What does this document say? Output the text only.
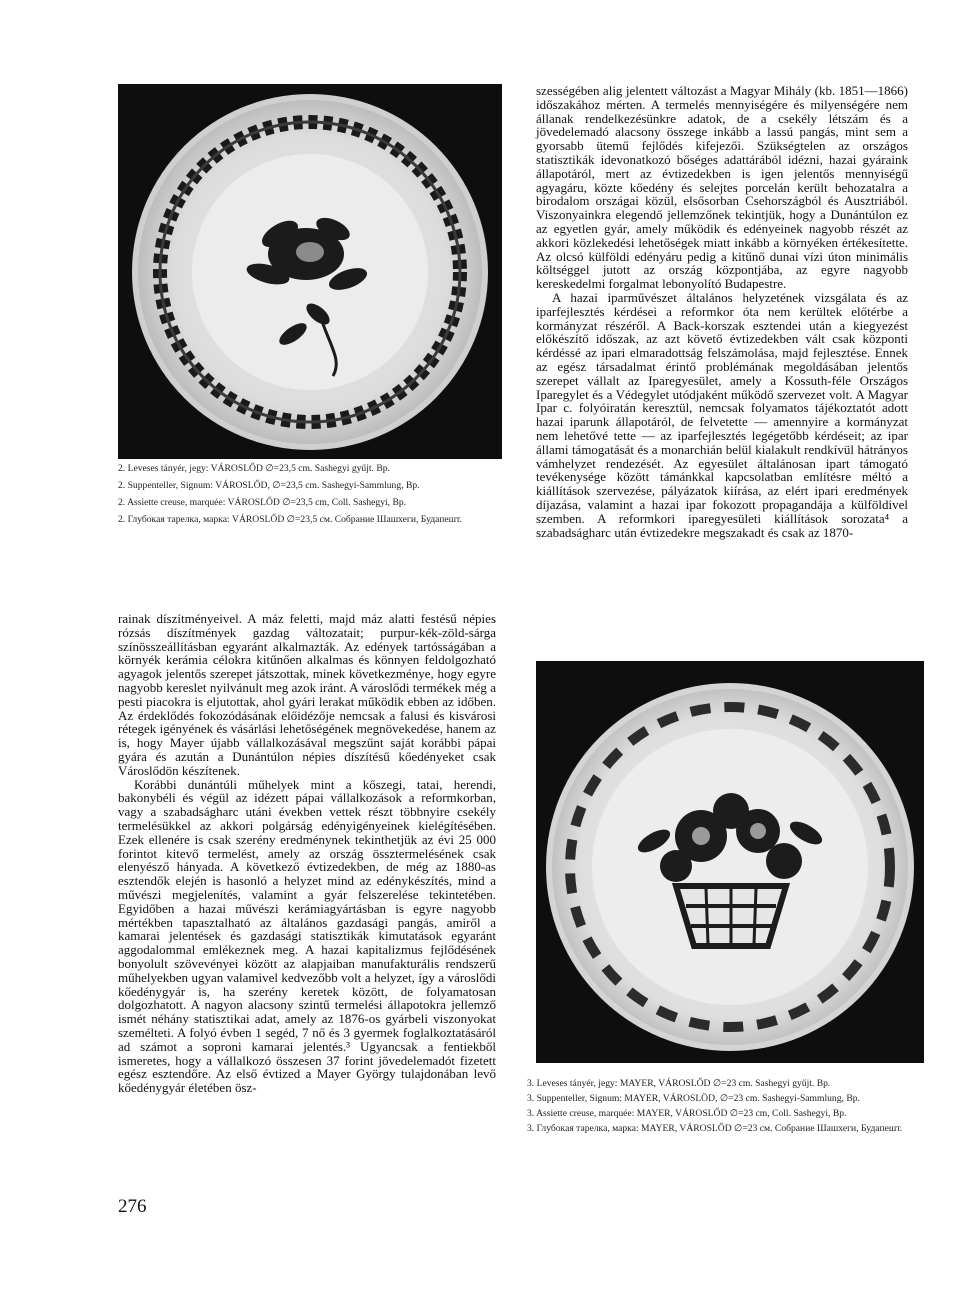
2. Leveses tányér, jegy: VÁROSLŐD ∅=23,5 cm. Sashegyi gyűjt. Bp.

2. Suppenteller, Signum: VÁROSLŐD, ∅=23,5 cm. Sashegyi-Sammlung, Bp.

2. Assiette creuse, marquée: VÁROSLŐD ∅=23,5 cm, Coll. Sashegyi, Bp.

2. Глубокая тарелка, марка: VÁROSLŐD ∅=23,5 см. Собрание Шашхеги, Будапешт.

rainak díszítményeivel. A máz feletti, majd máz alatti festésű népies rózsás díszítmények gazdag változatait; purpur-kék-zöld-sárga színösszeállításban egyaránt alkalmazták. Az edények tartósságában a környék kerámia célokra kitűnően alkalmas és könnyen feldolgozható agyagok jelentős szerepet játszottak, minek következménye, hogy egyre nagyobb kereslet nyilvánult meg azok iránt. A városlődi termékek még a pesti piacokra is eljutottak, ahol gyári lerakat működik ebben az időben. Az érdeklődés fokozódásának előidézője nemcsak a falusi és kisvárosi rétegek igényének és vásárlási lehetőségének megnövekedése, hanem az is, hogy Mayer újabb vállalkozásával megszűnt saját korábbi pápai gyára és azután a Dunántúlon népies díszítésű kőedényeket csak Városlődön készítenek.

Korábbi dunántúli műhelyek mint a kőszegi, tatai, herendi, bakonybéli és végül az idézett pápai vállalkozások a reformkorban, vagy a szabadságharc utáni években vettek részt többnyire csekély termelésükkel az akkori polgárság edényigényeinek kielégítésében. Ezek ellenére is csak szerény eredménynek tekinthetjük az évi 25 000 forintot kitevő termelést, amely az ország össztermelésének csak elenyésző hányada. A következő évtizedekben, de még az 1880-as esztendők elején is hasonló a helyzet mind az edénykészítés, mind a művészi megjelenítés, valamint a gyár felszerelése tekintetében. Egyidőben a hazai művészi kerámiagyártásban is egyre nagyobb mértékben tapasztalható az általános gazdasági pangás, amiről a kamarai jelentések és gazdasági statisztikák kimutatások egyaránt aggodalommal emlékeznek meg. A hazai kapitalizmus fejlődésének bonyolult szövevényei között az alapjaiban manufakturális rendszerű műhelyekben ugyan valamivel kedvezőbb volt a helyzet, így a városlődi kőedénygyár is, ha szerény keretek között, de folyamatosan dolgozhatott. A nagyon alacsony szintű termelési állapotokra jellemző ismét néhány statisztikai adat, amely az 1876-os gyárbeli viszonyokat személteti. A folyó évben 1 segéd, 7 nő és 3 gyermek foglalkoztatásáról ad számot a soproni kamarai jelentés.³ Ugyancsak a fentiekből ismeretes, hogy a vállalkozó összesen 37 forint jövedelemadót fizetett egész esztendőre. Az első évtized a Mayer György tulajdonában levő kőedénygyár életében ösz-

szességében alig jelentett változást a Magyar Mihály (kb. 1851—1866) időszakához mérten. A termelés mennyiségére és milyenségére nem állanak rendelkezésünkre adatok, de a csekély létszám és a jövedelemadó alacsony összege inkább a lassú pangás, mint sem a gyorsabb ütemű fejlődés kifejezői. Szükségtelen az országos statisztikák idevonatkozó bőséges adattárából idézni, hazai gyáraink állapotáról, mert az évtizedekben is igen jelentős mennyiségű agyagáru, közte kőedény és selejtes porcelán került behozatalra a birodalom országai közül, elsősorban Csehországból és Ausztriából. Viszonyainkra elegendő jellemzőnek tekintjük, hogy a Dunántúlon ez az egyetlen gyár, amely működik és edényeinek nagyobb részét az akkori közlekedési lehetőségek miatt inkább a környéken értékesítette. Az olcsó külföldi edényáru pedig a kitűnő dunai vízi úton minimális költséggel jutott az ország központjába, az egyre nagyobb kereskedelmi forgalmat lebonyolító Budapestre.

A hazai iparművészet általános helyzetének vizsgálata és az iparfejlesztés kérdései a reformkor óta nem kerültek előtérbe a kormányzat részéről. A Back-korszak esztendei után a kiegyezést előkészítő időszak, az azt követő évtizedekben vált csak központi kérdéssé az ipari elmaradottság felszámolása, majd fejlesztése. Ennek az egész társadalmat érintő problémának megoldásában jelentős szerepet vállalt az Iparegyesület, amely a Kossuth-féle Országos Iparegylet és a Védegylet utódjaként működő szervezet volt. A Magyar Ipar c. folyóiratán keresztül, nemcsak folyamatos tájékoztatót adott hazai iparunk állapotáról, de felvetette — amennyire a kormányzat nem lehetővé tette — az iparfejlesztés legégetőbb kérdéseit; az ipar állami támogatását és a monarchián belül kialakult rendkívül hátrányos vámhelyzet rendezését. Az egyesület általánosan ipart támogató tevékenysége között támánkkal kapcsolatban említésre méltó a kiállítások szervezése, pályázatok kiírása, az elért ipari eredmények díjazása, valamint a hazai ipar fokozott propagandája a külföldivel szemben. A reformkori iparegyesületi kiállítások sorozata⁴ a szabadságharc után évtizedekre megszakadt és csak az 1870-

3. Leveses tányér, jegy: MAYER, VÁROSLŐD ∅=23 cm. Sashegyi gyűjt. Bp.

3. Suppenteller, Signum: MAYER, VÁROSLÖD, ∅=23 cm. Sashegyi-Sammlung, Bp.

3. Assiette creuse, marquée: MAYER, VÁROSLŐD ∅=23 cm, Coll. Sashegyi, Bp.

3. Глубокая тарелка, марка: MAYER, VÁROSLŐD ∅=23 см. Собрание Шашхеги, Будапешт.

276
